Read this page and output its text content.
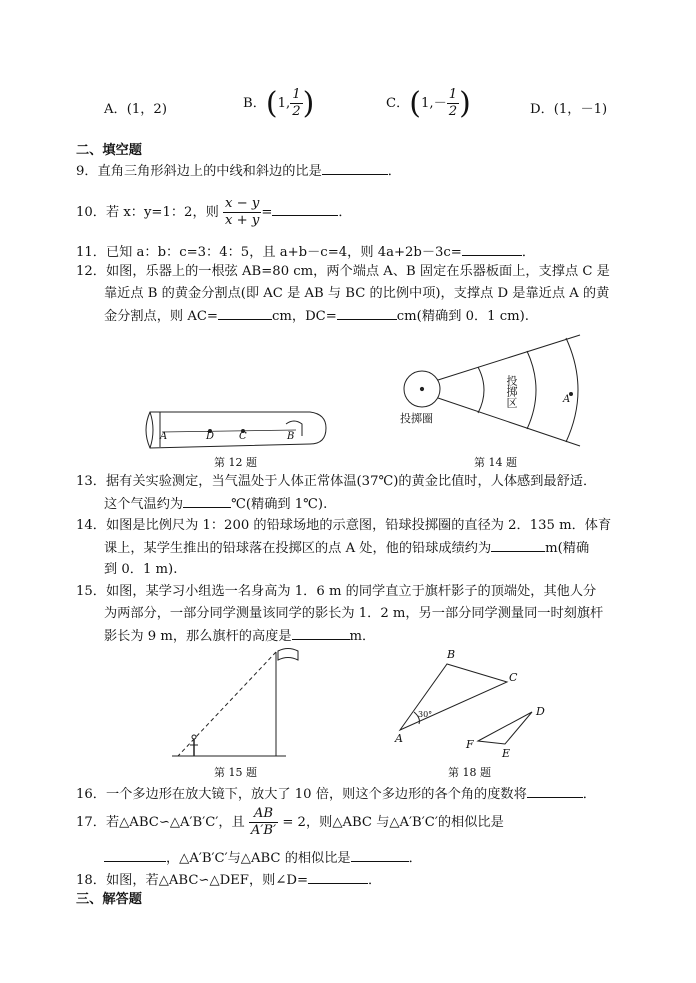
A．(1，2)	B．(1, $\frac{1}{2}$ )	C．($1,- \frac{1}{2}$ )	D．(1，－1)
二、填空题
9．直角三角形斜边上的中线和斜边的比是	．
10．若 x：y=1：2，则 $\frac{x - y}{x + y}$ =	．
11．已知 a：b：c=3：4：5，且 a+b－c=4，则 4a+2b－3c=	．
12．如图，乐器上的一根弦 AB=80 cm，两个端点 A、B 固定在乐器板面上，支撑点 C 是
靠近点 B 的黄金分割点(即 AC 是 AB 与 BC 的比例中项)，支撑点 D 是靠近点 A 的黄
金分割点，则 AC=	cm，DC=	cm(精确到 0．1 cm).
A	D C	B
第 12 题
投掷圈
投掷区	A
第 14 题
13．据有关实验测定，当气温处于人体正常体温(37℃)的黄金比值时，人体感到最舒适．
这个气温约为	℃(精确到 1℃).
14．如图是比例尺为 1：200 的铅球场地的示意图，铅球投掷圈的直径为 2．135 m．体育
课上，某学生推出的铅球落在投掷区的点 A 处，他的铅球成绩约为	m(精确
到 0．1 m).
15．如图，某学习小组选一名身高为 1．6 m 的同学直立于旗杆影子的顶端处，其他人分
为两部分，一部分同学测量该同学的影长为 1．2 m，另一部分同学测量同一时刻旗杆
影长为 9 m，那么旗杆的高度是	m．
第 15 题
B
C
A
30°	D
F
E
第 18 题
16．一个多边形在放大镜下，放大了 10 倍，则这个多边形的各个角的度数将	．
17．若△ABC∽△A′B′C′，且 $\frac{AB}{A'B'} = 2$，则△ABC 与△A′B′C′的相似比是
，△A′B′C′与△ABC 的相似比是	．
18．如图，若△ABC∽△DEF，则∠D=	．
三、解答题
